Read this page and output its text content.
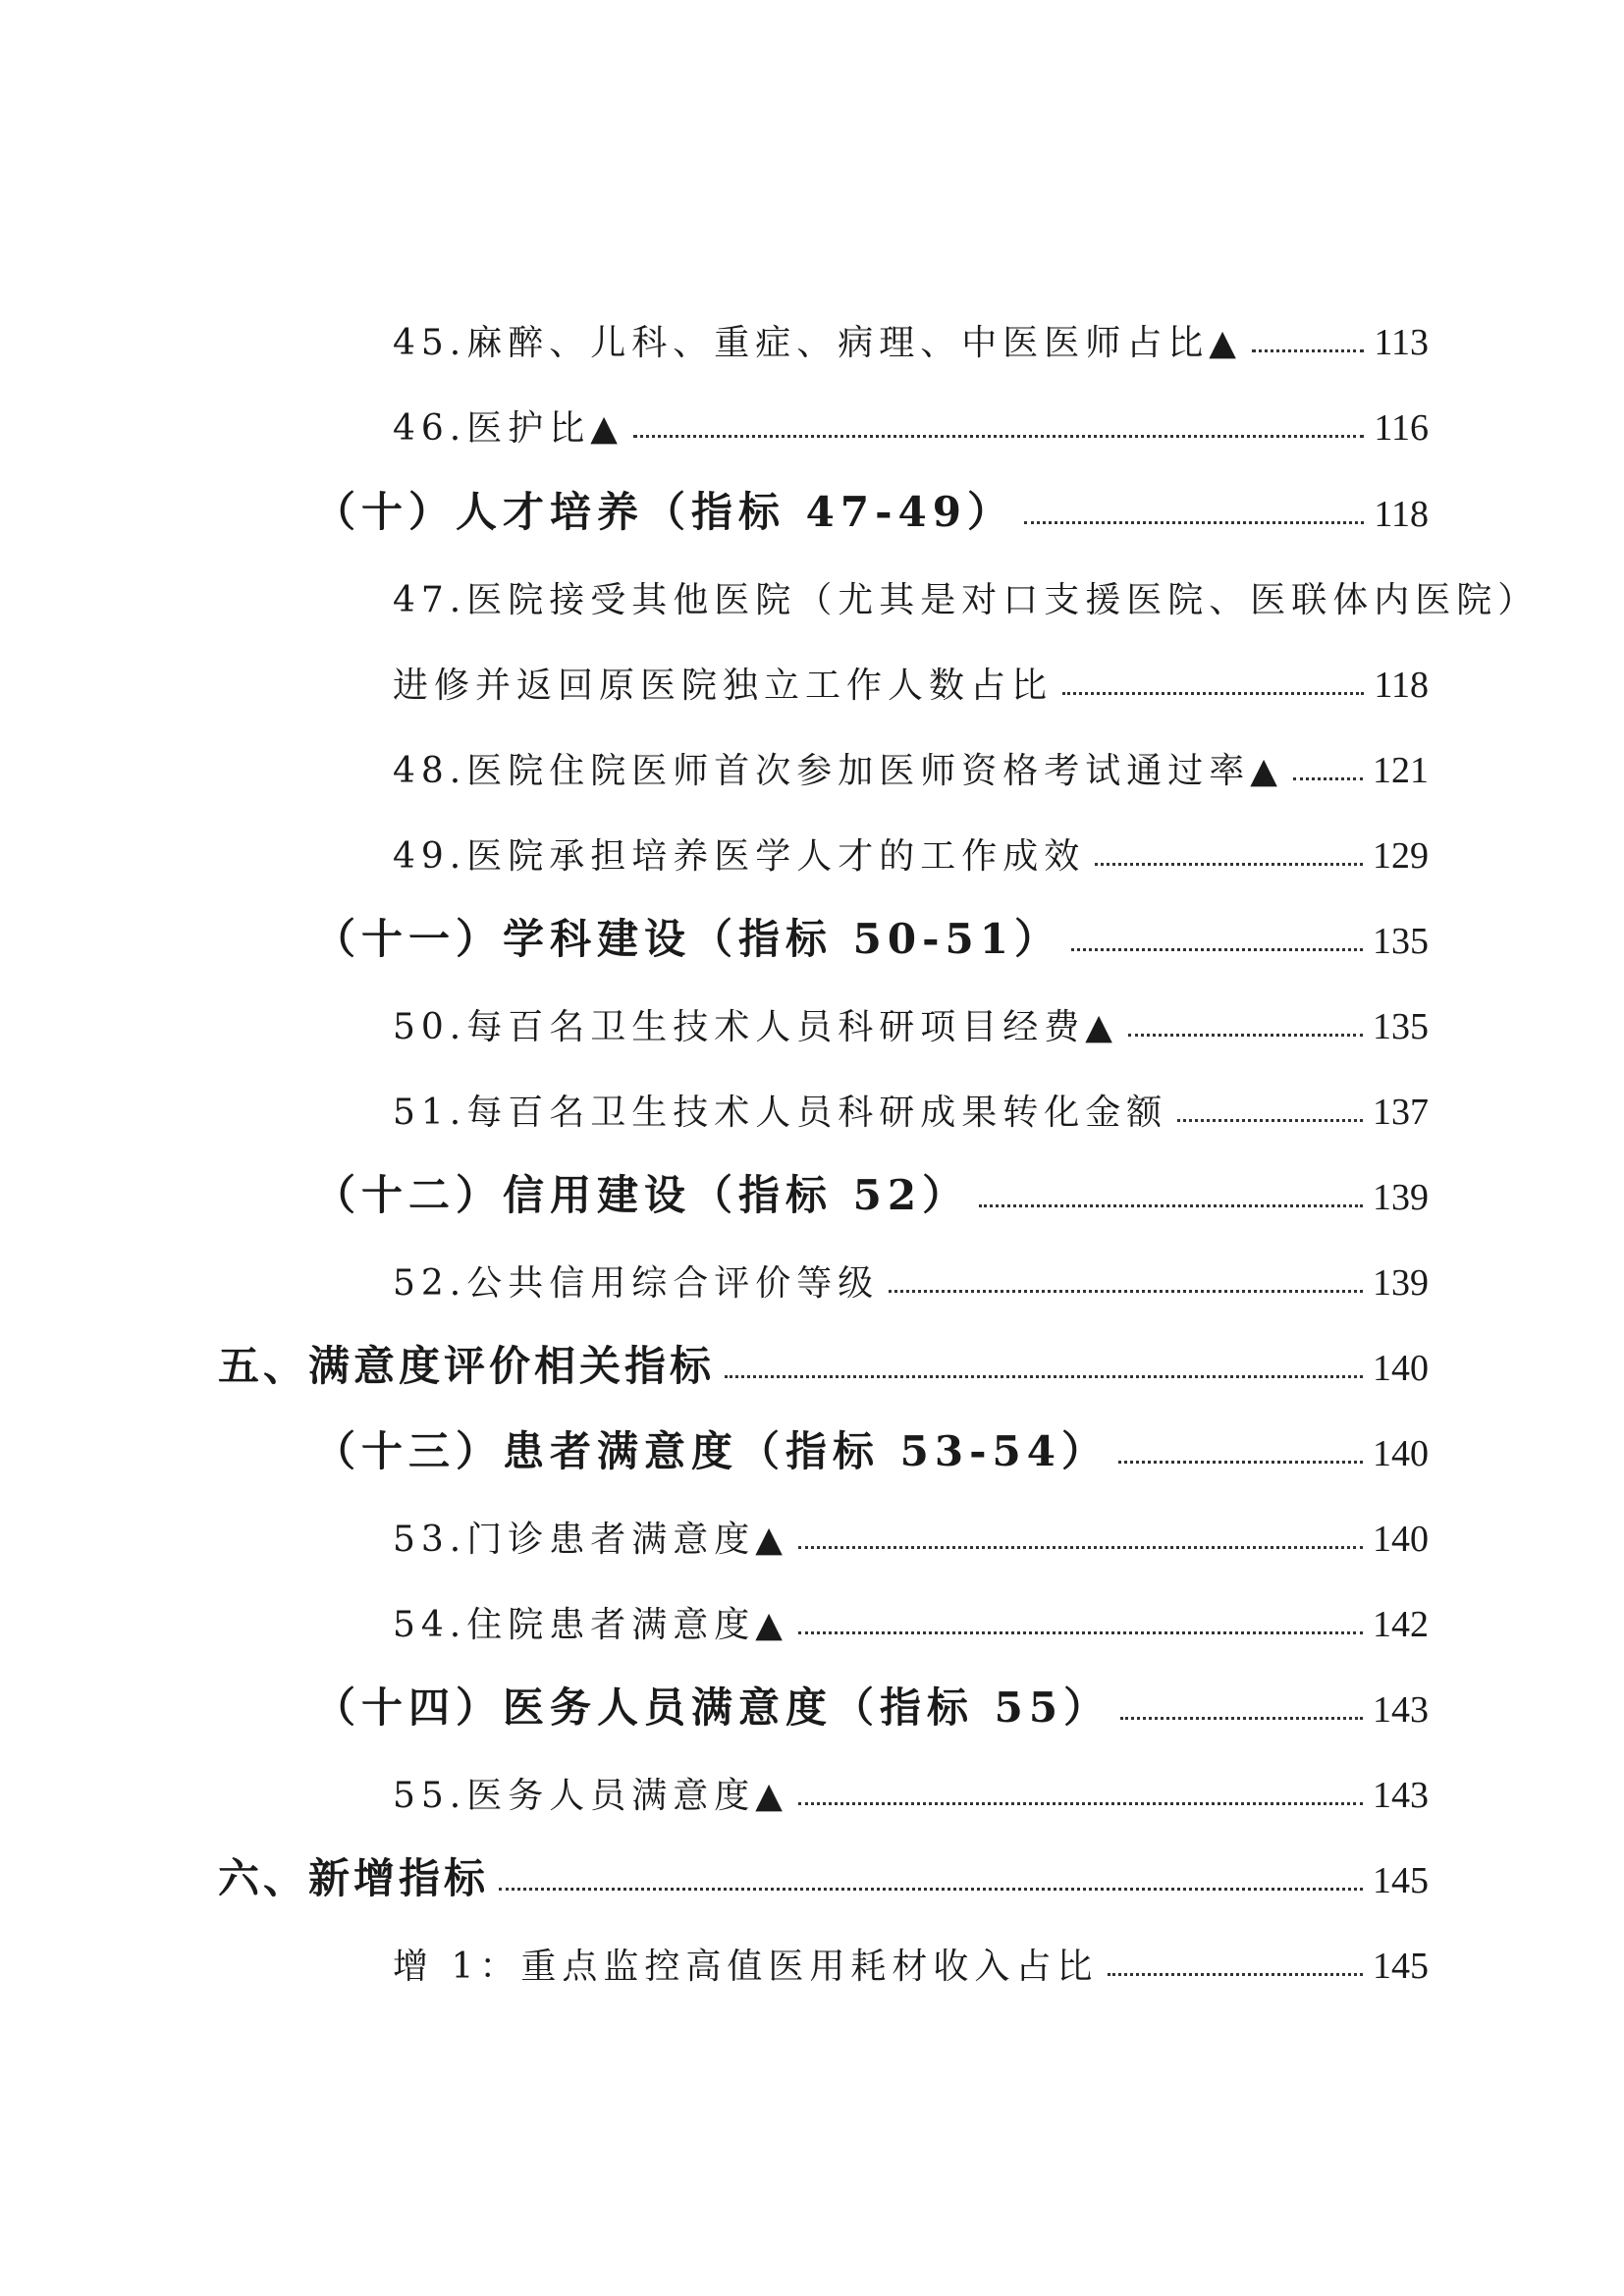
45.麻醉、儿科、重症、病理、中医医师占比▲	113
46.医护比▲	116
（十）人才培养（指标 47-49）	118
47.医院接受其他医院（尤其是对口支援医院、医联体内医院）
进修并返回原医院独立工作人数占比	118
48.医院住院医师首次参加医师资格考试通过率▲ 121
49.医院承担培养医学人才的工作成效	129
（十一）学科建设（指标 50-51）	135
50.每百名卫生技术人员科研项目经费▲	135
51.每百名卫生技术人员科研成果转化金额	137
（十二）信用建设（指标 52）	139
52.公共信用综合评价等级	139
五、满意度评价相关指标	140
（十三）患者满意度（指标 53-54）	140
53.门诊患者满意度▲	140
54.住院患者满意度▲	142
（十四）医务人员满意度（指标 55）	143
55.医务人员满意度▲	143
六、新增指标	145
增 1：重点监控高值医用耗材收入占比	145
